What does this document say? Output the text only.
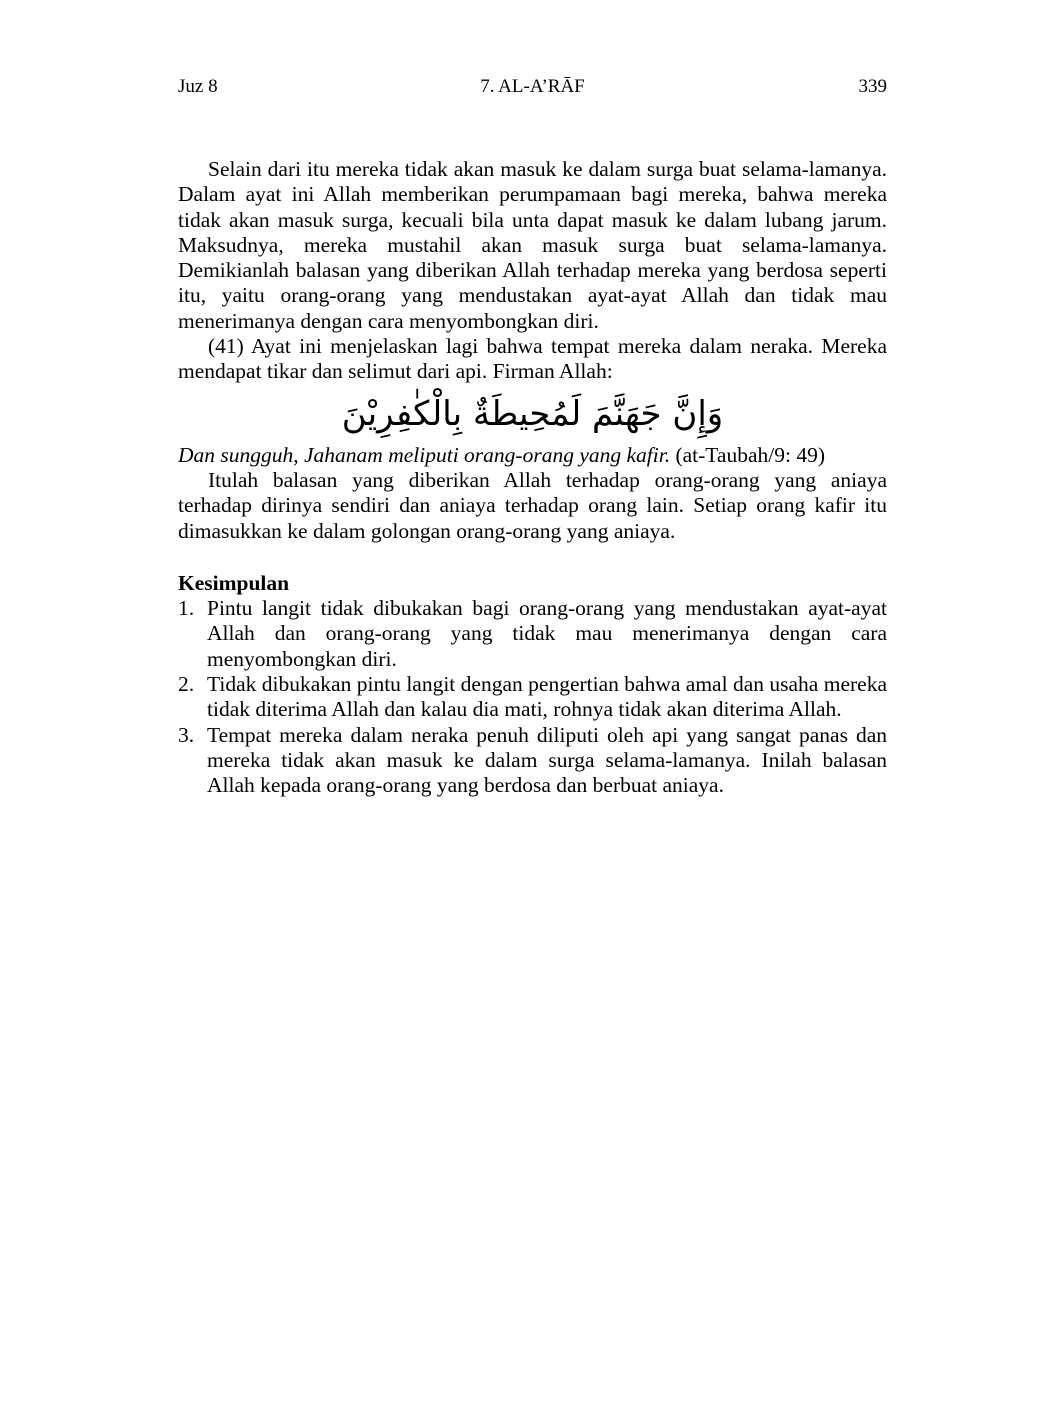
Juz 8	7. AL-A’RĀF	339

Selain dari itu mereka tidak akan masuk ke dalam surga buat selama-lamanya. Dalam ayat ini Allah memberikan perumpamaan bagi mereka, bahwa mereka tidak akan masuk surga, kecuali bila unta dapat masuk ke dalam lubang jarum. Maksudnya, mereka mustahil akan masuk surga buat selama-lamanya. Demikianlah balasan yang diberikan Allah terhadap mereka yang berdosa seperti itu, yaitu orang-orang yang mendustakan ayat-ayat Allah dan tidak mau menerimanya dengan cara menyombongkan diri.

(41) Ayat ini menjelaskan lagi bahwa tempat mereka dalam neraka. Mereka mendapat tikar dan selimut dari api. Firman Allah:

وَإِنَّ جَهَنَّمَ لَمُحِيطَةٌ بِالْكٰفِرِيْنَ

Dan sungguh, Jahanam meliputi orang-orang yang kafir. (at-Taubah/9: 49)

Itulah balasan yang diberikan Allah terhadap orang-orang yang aniaya terhadap dirinya sendiri dan aniaya terhadap orang lain. Setiap orang kafir itu dimasukkan ke dalam golongan orang-orang yang aniaya.

Kesimpulan
1. Pintu langit tidak dibukakan bagi orang-orang yang mendustakan ayat-ayat Allah dan orang-orang yang tidak mau menerimanya dengan cara menyombongkan diri.
2. Tidak dibukakan pintu langit dengan pengertian bahwa amal dan usaha mereka tidak diterima Allah dan kalau dia mati, rohnya tidak akan diterima Allah.
3. Tempat mereka dalam neraka penuh diliputi oleh api yang sangat panas dan mereka tidak akan masuk ke dalam surga selama-lamanya. Inilah balasan Allah kepada orang-orang yang berdosa dan berbuat aniaya.
